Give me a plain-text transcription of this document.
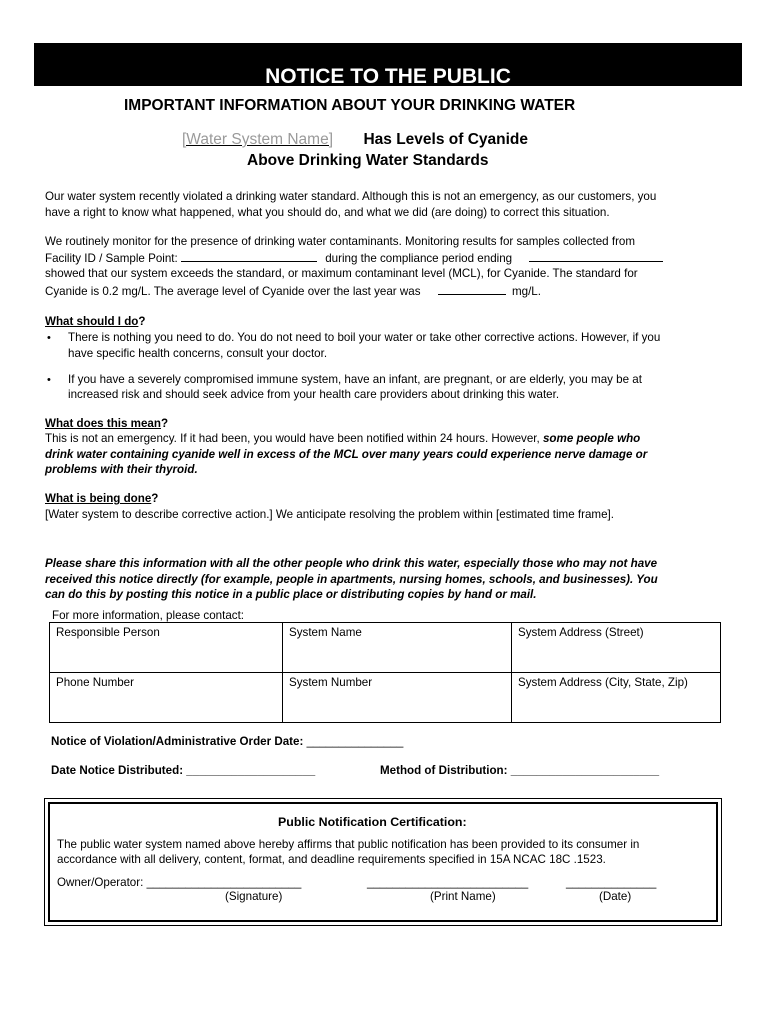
NOTICE TO THE PUBLIC
IMPORTANT INFORMATION ABOUT YOUR DRINKING WATER
[Water System Name] Has Levels of Cyanide
Above Drinking Water Standards
Our water system recently violated a drinking water standard. Although this is not an emergency, as our customers, you
have a right to know what happened, what you should do, and what we did (are doing) to correct this situation.
We routinely monitor for the presence of drinking water contaminants. Monitoring results for samples collected from
Facility ID / Sample Point:	during the compliance period ending
showed that our system exceeds the standard, or maximum contaminant level (MCL), for Cyanide. The standard for
Cyanide is 0.2 mg/L. The average level of Cyanide over the last year was	mg/L.
What should I do?
• There is nothing you need to do. You do not need to boil your water or take other corrective actions. However, if you
have specific health concerns, consult your doctor.
• If you have a severely compromised immune system, have an infant, are pregnant, or are elderly, you may be at
increased risk and should seek advice from your health care providers about drinking this water.
What does this mean?
This is not an emergency. If it had been, you would have been notified within 24 hours. However, some people who
drink water containing cyanide well in excess of the MCL over many years could experience nerve damage or
problems with their thyroid.
What is being done?
[Water system to describe corrective action.] We anticipate resolving the problem within [estimated time frame].
Please share this information with all the other people who drink this water, especially those who may not have
received this notice directly (for example, people in apartments, nursing homes, schools, and businesses). You
can do this by posting this notice in a public place or distributing copies by hand or mail.
For more information, please contact:
Responsible Person	System Name	System Address (Street)
Phone Number	System Number	System Address (City, State, Zip)
Notice of Violation/Administrative Order Date: _______________
Date Notice Distributed: ____________________	Method of Distribution: _______________________
Public Notification Certification:
The public water system named above hereby affirms that public notification has been provided to its consumer in
accordance with all delivery, content, format, and deadline requirements specified in 15A NCAC 18C .1523.
Owner/Operator: ________________________	_________________________	______________
(Signature)	(Print Name)	(Date)
